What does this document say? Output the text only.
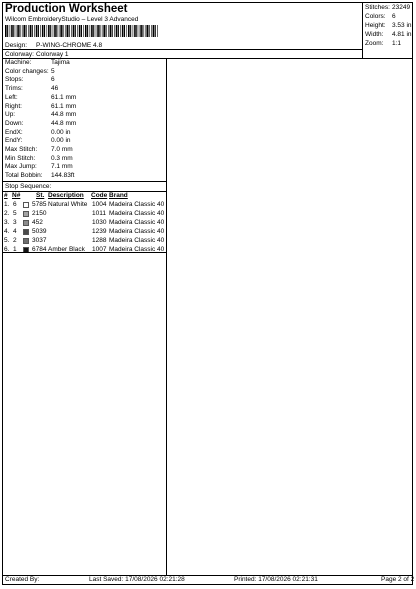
Production Worksheet
Wilcom EmbroideryStudio – Level 3 Advanced
Design: P-WING-CHROME 4.8
Colorway: Colorway 1
Stitches: 23249
Colors: 6
Height: 3.53 in
Width: 4.81 in
Zoom: 1:1
Machine:	Tajima
Color changes: 5
Stops:	6
Trims:	46
Left:	61.1 mm
Right:	61.1 mm
Up:	44.8 mm
Down:	44.8 mm
EndX:	0.00 in
EndY:	0.00 in
Max Stitch: 7.0 mm
Min Stitch: 0.3 mm
Max Jump: 7.1 mm
Total Bobbin: 144.83ft
Stop Sequence:
# N# St. Description Code Brand
1. 6 5785 Natural White 1004 Madeira Classic 40
2. 5 2150	1011 Madeira Classic 40
3. 3 452	1030 Madeira Classic 40
4. 4 5039	1239 Madeira Classic 40
5. 2 3037	1288 Madeira Classic 40
6. 1 6784 Amber Black 1007 Madeira Classic 40
Created By:	Last Saved: 17/08/2026 02:21:28	Printed: 17/08/2026 02:21:31	Page 2 of 2
